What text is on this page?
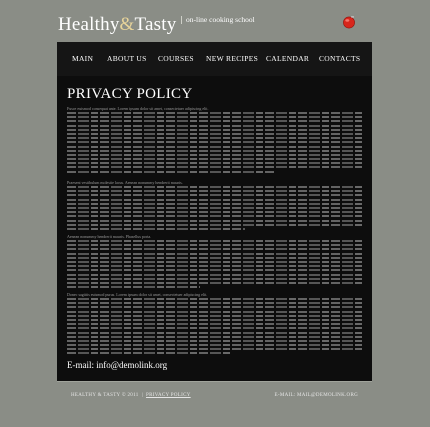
Healthy&Tasty	on-line cooking school
MAIN ABOUT US COURSES NEW RECIPES CALENDAR CONTACTS
PRIVACY POLICY
Fusce euismod consequat ante. Lorem ipsum dolor sit amet, consectetuer adipiscing elit.
Praesent vestibulum molestie lacus. Aenean nonummy hendrerit mauris.
Aenean nonummy hendrerit mauris. Phasellus porta.
Donec sagittis euismod purus. Lorem ipsum dolor sit amet, consectetuer adipiscing elit.
E-mail: info@demolink.org
HEALTHY & TASTY © 2011  |  PRIVACY POLICY	E-MAIL: MAIL@DEMOLINK.ORG
